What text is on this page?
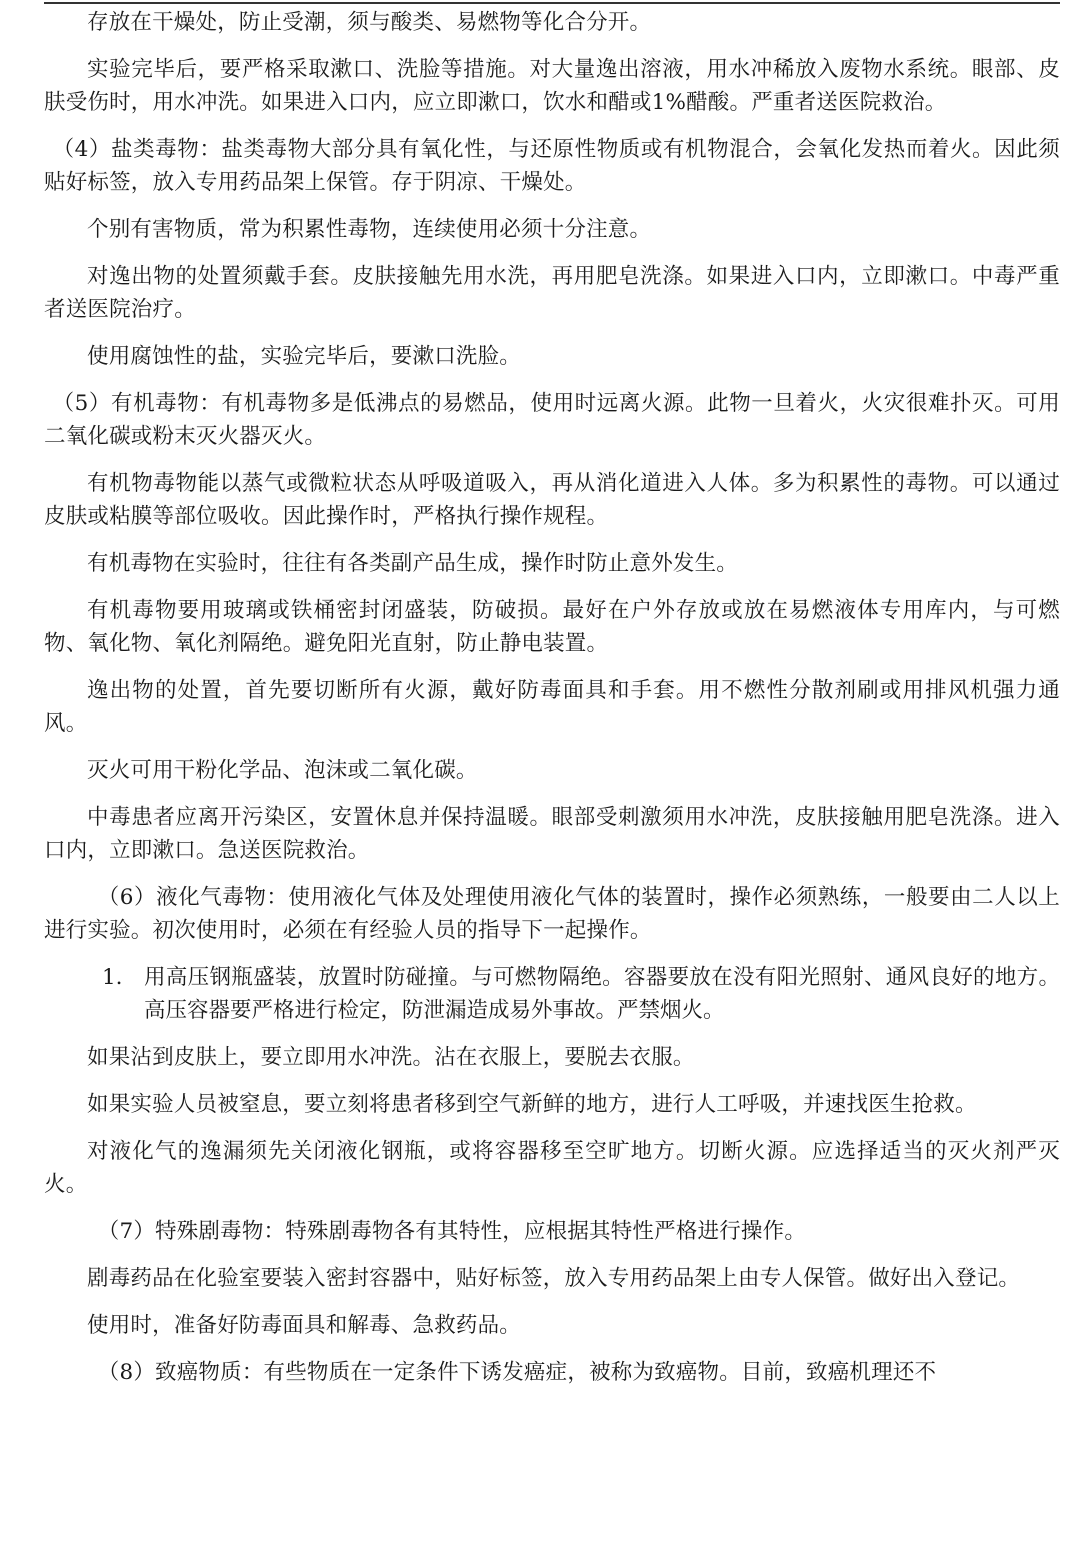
存放在干燥处，防止受潮，须与酸类、易燃物等化合分开。

实验完毕后，要严格采取漱口、洗脸等措施。对大量逸出溶液，用水冲稀放入废物水系统。眼部、皮肤受伤时，用水冲洗。如果进入口内，应立即漱口，饮水和醋或1%醋酸。严重者送医院救治。

（4）盐类毒物：盐类毒物大部分具有氧化性，与还原性物质或有机物混合，会氧化发热而着火。因此须贴好标签，放入专用药品架上保管。存于阴凉、干燥处。

个别有害物质，常为积累性毒物，连续使用必须十分注意。

对逸出物的处置须戴手套。皮肤接触先用水洗，再用肥皂洗涤。如果进入口内，立即漱口。中毒严重者送医院治疗。

使用腐蚀性的盐，实验完毕后，要漱口洗脸。

（5）有机毒物：有机毒物多是低沸点的易燃品，使用时远离火源。此物一旦着火，火灾很难扑灭。可用二氧化碳或粉末灭火器灭火。

有机物毒物能以蒸气或微粒状态从呼吸道吸入，再从消化道进入人体。多为积累性的毒物。可以通过皮肤或粘膜等部位吸收。因此操作时，严格执行操作规程。

有机毒物在实验时，往往有各类副产品生成，操作时防止意外发生。

有机毒物要用玻璃或铁桶密封闭盛装，防破损。最好在户外存放或放在易燃液体专用库内，与可燃物、氧化物、氧化剂隔绝。避免阳光直射，防止静电装置。

逸出物的处置，首先要切断所有火源，戴好防毒面具和手套。用不燃性分散剂刷或用排风机强力通风。

灭火可用干粉化学品、泡沫或二氧化碳。

中毒患者应离开污染区，安置休息并保持温暖。眼部受刺激须用水冲洗，皮肤接触用肥皂洗涤。进入口内，立即漱口。急送医院救治。

（6）液化气毒物：使用液化气体及处理使用液化气体的装置时，操作必须熟练，一般要由二人以上进行实验。初次使用时，必须在有经验人员的指导下一起操作。

1. 用高压钢瓶盛装，放置时防碰撞。与可燃物隔绝。容器要放在没有阳光照射、通风良好的地方。高压容器要严格进行检定，防泄漏造成易外事故。严禁烟火。

如果沾到皮肤上，要立即用水冲洗。沾在衣服上，要脱去衣服。

如果实验人员被窒息，要立刻将患者移到空气新鲜的地方，进行人工呼吸，并速找医生抢救。

对液化气的逸漏须先关闭液化钢瓶，或将容器移至空旷地方。切断火源。应选择适当的灭火剂严灭火。

（7）特殊剧毒物：特殊剧毒物各有其特性，应根据其特性严格进行操作。

剧毒药品在化验室要装入密封容器中，贴好标签，放入专用药品架上由专人保管。做好出入登记。

使用时，准备好防毒面具和解毒、急救药品。

（8）致癌物质：有些物质在一定条件下诱发癌症，被称为致癌物。目前，致癌机理还不
